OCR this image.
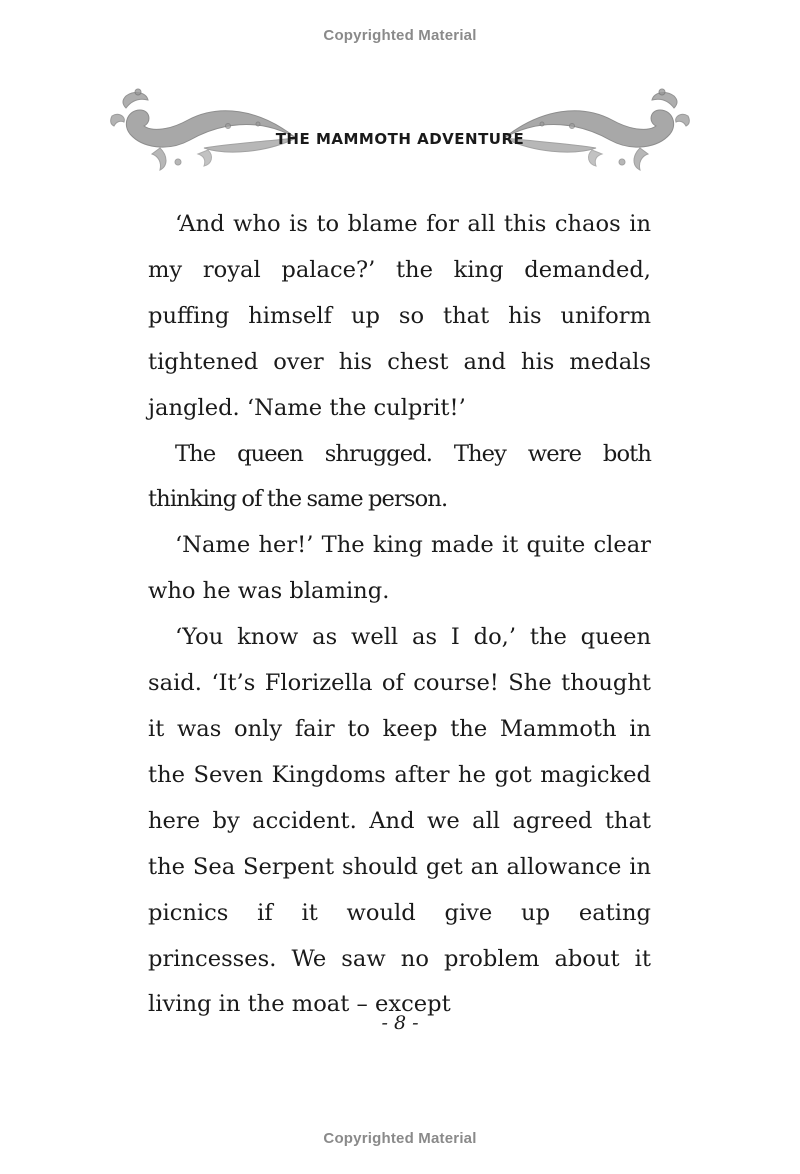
Copyrighted Material
THE MAMMOTH ADVENTURE

‘And who is to blame for all this chaos in my royal palace?’ the king demanded, puffing himself up so that his uniform tightened over his chest and his medals jangled. ‘Name the culprit!’

The queen shrugged. They were both thinking of the same person.

‘Name her!’ The king made it quite clear who he was blaming.

‘You know as well as I do,’ the queen said. ‘It’s Florizella of course! She thought it was only fair to keep the Mammoth in the Seven Kingdoms after he got magicked here by accident. And we all agreed that the Sea Serpent should get an allowance in picnics if it would give up eating princesses. We saw no problem about it living in the moat – except

- 8 -
Copyrighted Material
